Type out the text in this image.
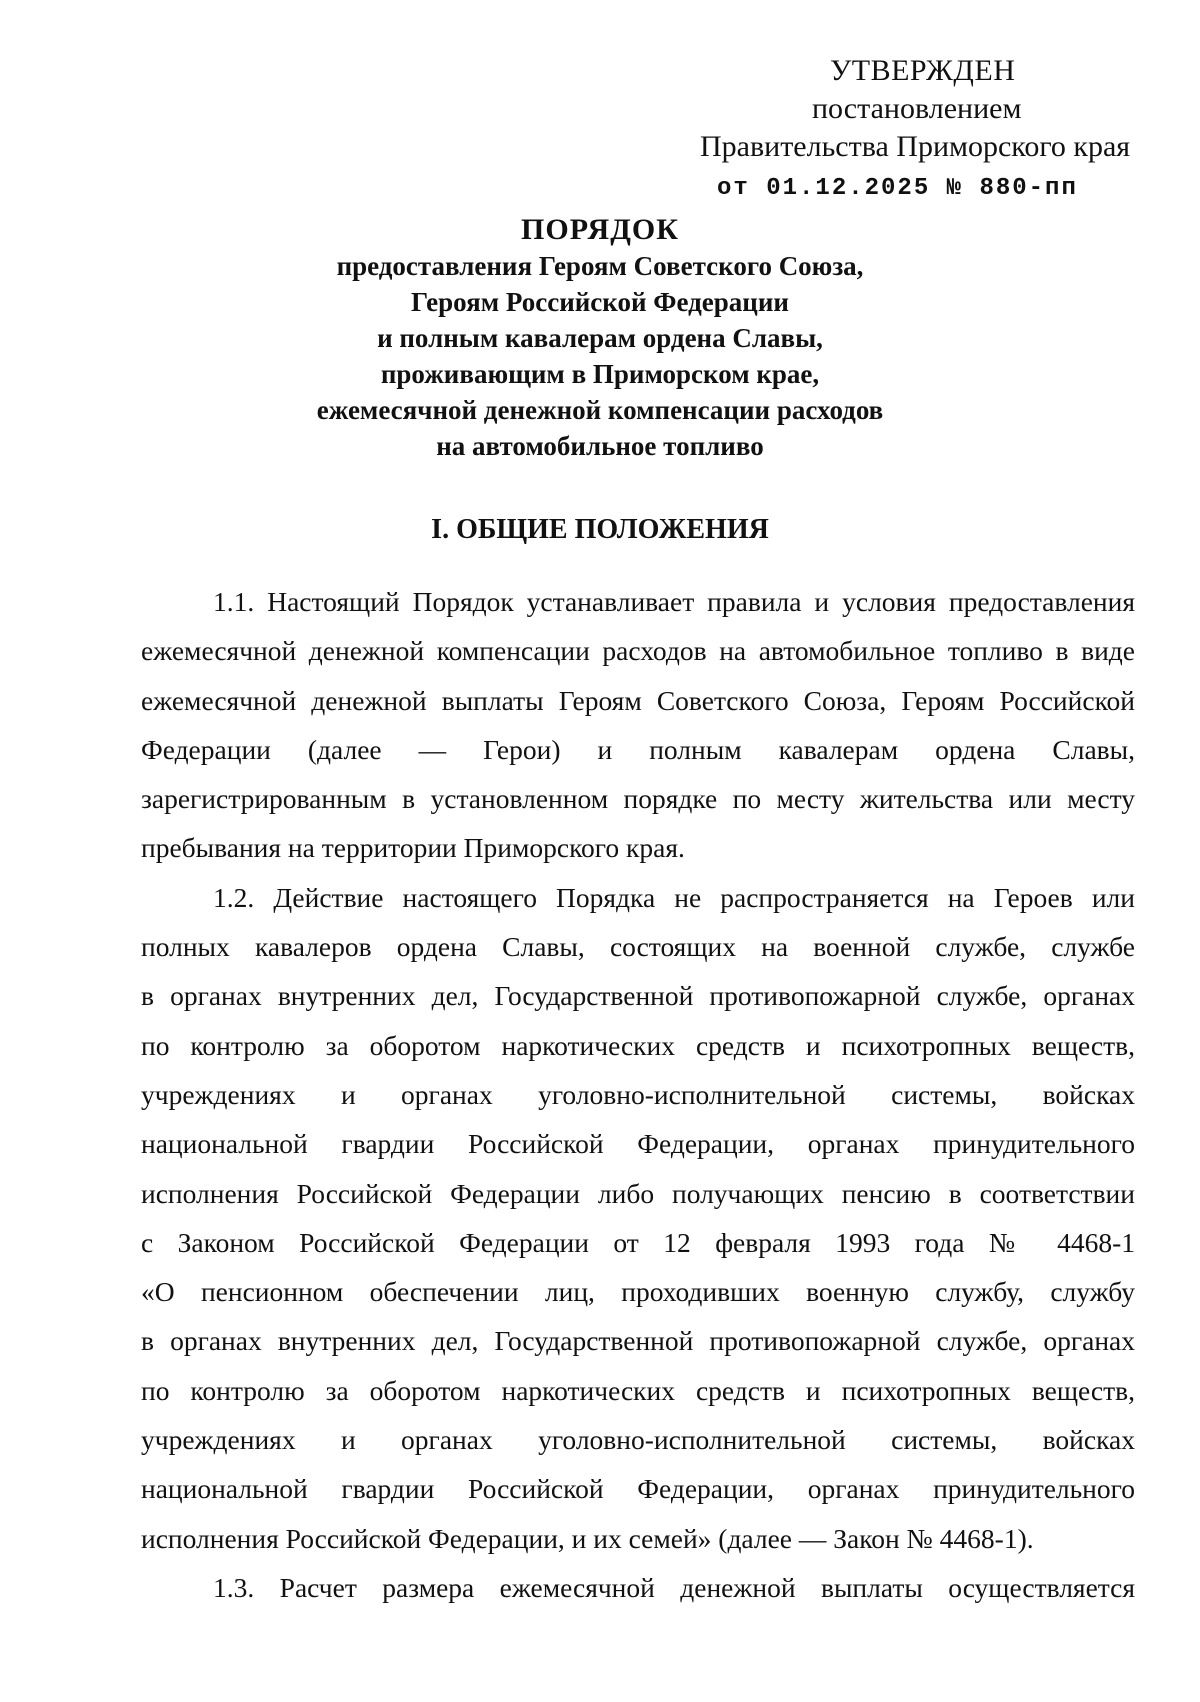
УТВЕРЖДЕН
постановлением
Правительства Приморского края
от 01.12.2025 № 880-пп
ПОРЯДОК
предоставления Героям Советского Союза,
Героям Российской Федерации
и полным кавалерам ордена Славы,
проживающим в Приморском крае,
ежемесячной денежной компенсации расходов
на автомобильное топливо
I. ОБЩИЕ ПОЛОЖЕНИЯ
1.1. Настоящий Порядок устанавливает правила и условия предоставления
ежемесячной денежной компенсации расходов на автомобильное топливо в виде
ежемесячной денежной выплаты Героям Советского Союза, Героям Российской
Федерации (далее — Герои) и полным кавалерам ордена Славы,
зарегистрированным в установленном порядке по месту жительства или месту
пребывания на территории Приморского края.
1.2. Действие настоящего Порядка не распространяется на Героев или
полных кавалеров ордена Славы, состоящих на военной службе, службе
в органах внутренних дел, Государственной противопожарной службе, органах
по контролю за оборотом наркотических средств и психотропных веществ,
учреждениях и органах уголовно-исполнительной системы, войсках
национальной гвардии Российской Федерации, органах принудительного
исполнения Российской Федерации либо получающих пенсию в соответствии
с Законом Российской Федерации от 12 февраля 1993 года № 4468-1
«О пенсионном обеспечении лиц, проходивших военную службу, службу
в органах внутренних дел, Государственной противопожарной службе, органах
по контролю за оборотом наркотических средств и психотропных веществ,
учреждениях и органах уголовно-исполнительной системы, войсках
национальной гвардии Российской Федерации, органах принудительного
исполнения Российской Федерации, и их семей» (далее — Закон № 4468-1).
1.3. Расчет размера ежемесячной денежной выплаты осуществляется
